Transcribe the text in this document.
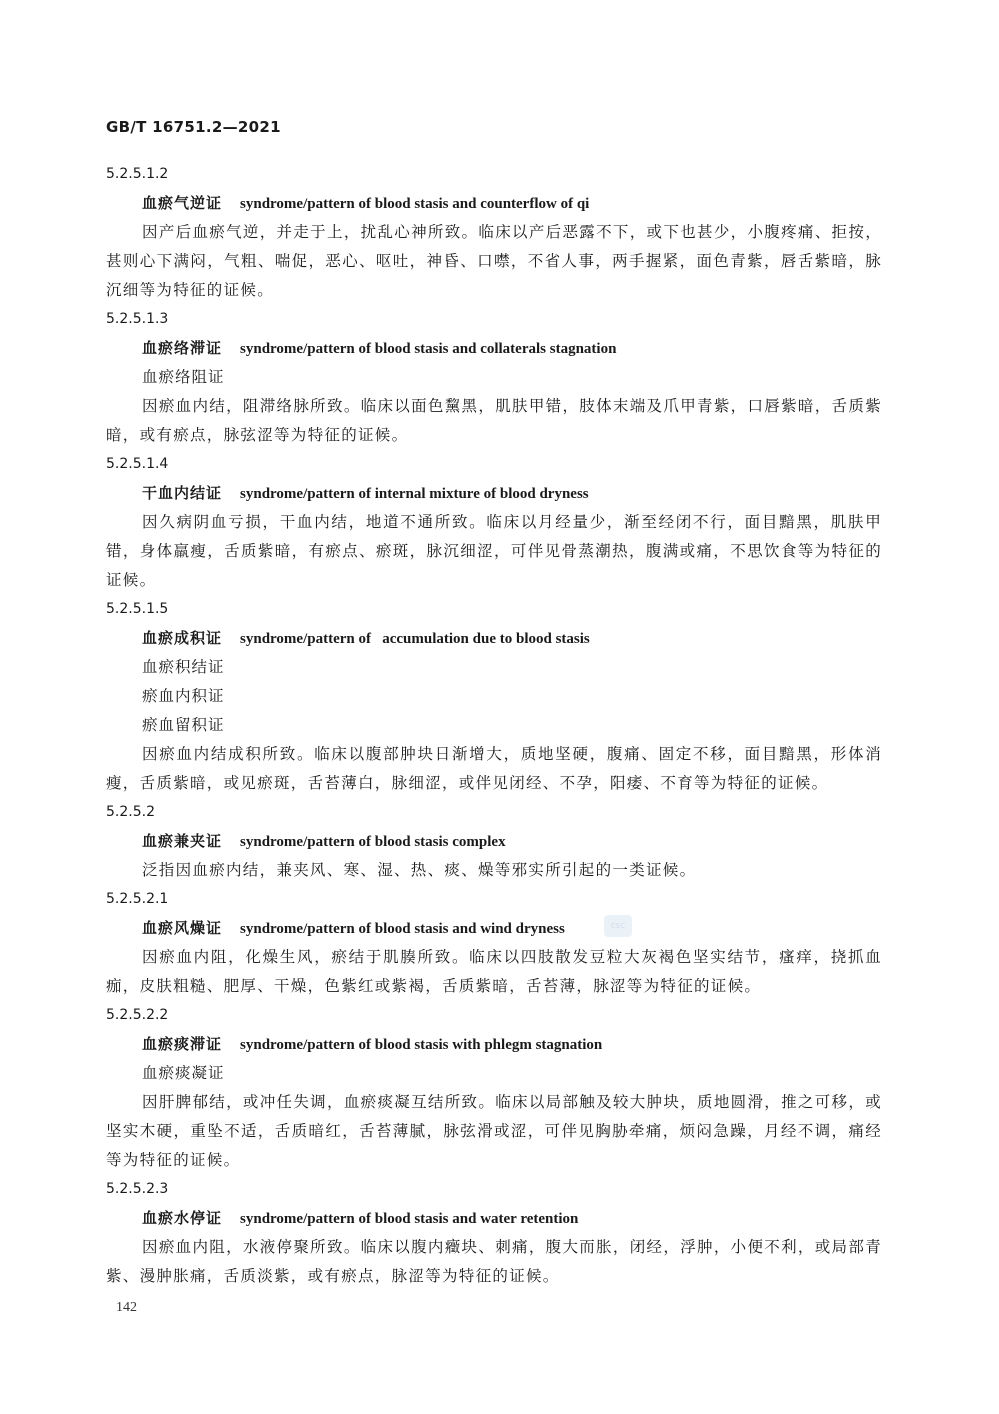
GB/T 16751.2—2021
5.2.5.1.2
血瘀气逆证 syndrome/pattern of blood stasis and counterflow of qi

因产后血瘀气逆，并走于上，扰乱心神所致。临床以产后恶露不下，或下也甚少，小腹疼痛、拒按，甚则心下满闷，气粗、喘促，恶心、呕吐，神昏、口噤，不省人事，两手握紧，面色青紫，唇舌紫暗，脉沉细等为特征的证候。

5.2.5.1.3
血瘀络滞证 syndrome/pattern of blood stasis and collaterals stagnation
血瘀络阻证

因瘀血内结，阻滞络脉所致。临床以面色黧黑，肌肤甲错，肢体末端及爪甲青紫，口唇紫暗，舌质紫暗，或有瘀点，脉弦涩等为特征的证候。

5.2.5.1.4
干血内结证 syndrome/pattern of internal mixture of blood dryness

因久病阴血亏损，干血内结，地道不通所致。临床以月经量少，渐至经闭不行，面目黯黑，肌肤甲错，身体羸瘦，舌质紫暗，有瘀点、瘀斑，脉沉细涩，可伴见骨蒸潮热，腹满或痛，不思饮食等为特征的证候。

5.2.5.1.5
血瘀成积证 syndrome/pattern of   accumulation due to blood stasis
血瘀积结证
瘀血内积证
瘀血留积证

因瘀血内结成积所致。临床以腹部肿块日渐增大，质地坚硬，腹痛、固定不移，面目黯黑，形体消瘦，舌质紫暗，或见瘀斑，舌苔薄白，脉细涩，或伴见闭经、不孕，阳痿、不育等为特征的证候。

5.2.5.2
血瘀兼夹证 syndrome/pattern of blood stasis complex

泛指因血瘀内结，兼夹风、寒、湿、热、痰、燥等邪实所引起的一类证候。

5.2.5.2.1
血瘀风燥证 syndrome/pattern of blood stasis and wind dryness

因瘀血内阻，化燥生风，瘀结于肌腠所致。临床以四肢散发豆粒大灰褐色坚实结节，瘙痒，挠抓血痂，皮肤粗糙、肥厚、干燥，色紫红或紫褐，舌质紫暗，舌苔薄，脉涩等为特征的证候。

5.2.5.2.2
血瘀痰滞证 syndrome/pattern of blood stasis with phlegm stagnation
血瘀痰凝证

因肝脾郁结，或冲任失调，血瘀痰凝互结所致。临床以局部触及较大肿块，质地圆滑，推之可移，或坚实木硬，重坠不适，舌质暗红，舌苔薄腻，脉弦滑或涩，可伴见胸胁牵痛，烦闷急躁，月经不调，痛经等为特征的证候。

5.2.5.2.3
血瘀水停证 syndrome/pattern of blood stasis and water retention

因瘀血内阻，水液停聚所致。临床以腹内癥块、刺痛，腹大而胀，闭经，浮肿，小便不利，或局部青紫、漫肿胀痛，舌质淡紫，或有瘀点，脉涩等为特征的证候。

csc
142
